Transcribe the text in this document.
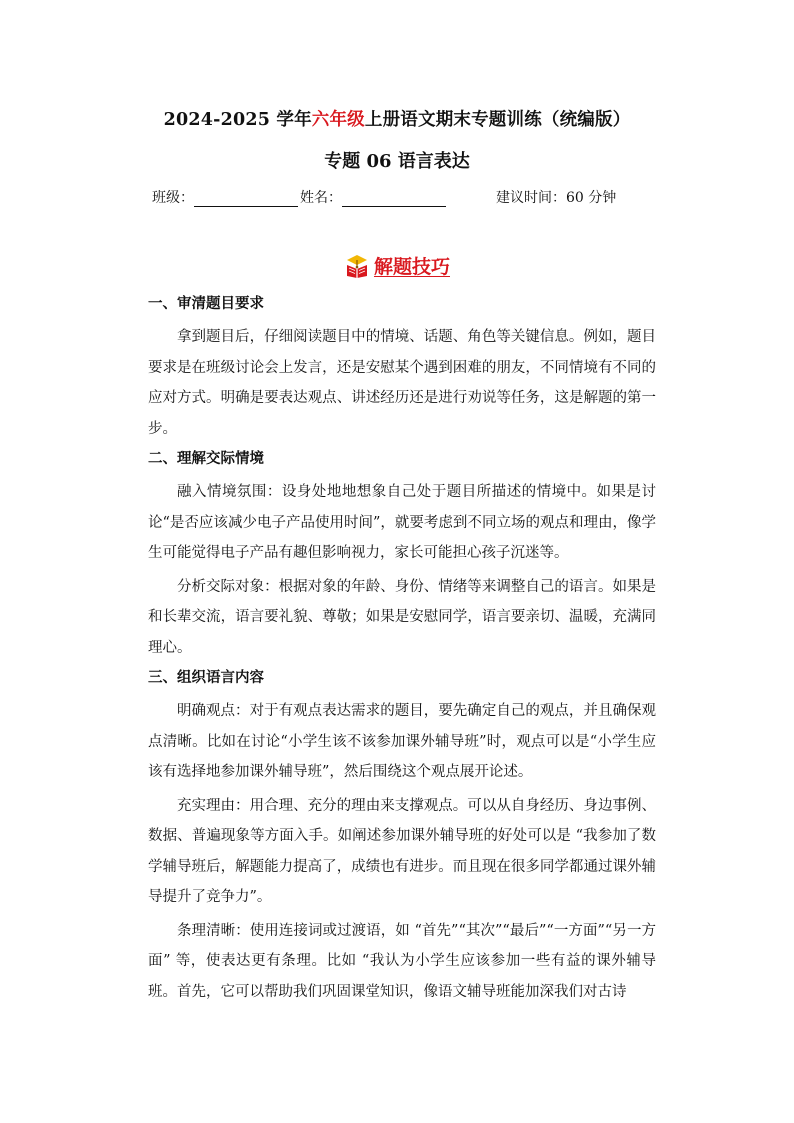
2024-2025 学年六年级上册语文期末专题训练（统编版）
专题 06 语言表达
班级：	姓名：	建议时间：60 分钟
解题技巧
一、审清题目要求
拿到题目后，仔细阅读题目中的情境、话题、角色等关键信息。例如，题目要求是在班级讨论会上发言，还是安慰某个遇到困难的朋友，不同情境有不同的应对方式。明确是要表达观点、讲述经历还是进行劝说等任务，这是解题的第一步。
二、理解交际情境
融入情境氛围：设身处地地想象自己处于题目所描述的情境中。如果是讨论“是否应该减少电子产品使用时间”，就要考虑到不同立场的观点和理由，像学生可能觉得电子产品有趣但影响视力，家长可能担心孩子沉迷等。
分析交际对象：根据对象的年龄、身份、情绪等来调整自己的语言。如果是和长辈交流，语言要礼貌、尊敬；如果是安慰同学，语言要亲切、温暖，充满同理心。
三、组织语言内容
明确观点：对于有观点表达需求的题目，要先确定自己的观点，并且确保观点清晰。比如在讨论“小学生该不该参加课外辅导班”时，观点可以是“小学生应该有选择地参加课外辅导班”，然后围绕这个观点展开论述。
充实理由：用合理、充分的理由来支撑观点。可以从自身经历、身边事例、数据、普遍现象等方面入手。如阐述参加课外辅导班的好处可以是 “我参加了数学辅导班后，解题能力提高了，成绩也有进步。而且现在很多同学都通过课外辅导提升了竞争力”。
条理清晰：使用连接词或过渡语，如 “首先”“其次”“最后”“一方面”“另一方面” 等，使表达更有条理。比如 “我认为小学生应该参加一些有益的课外辅导班。首先，它可以帮助我们巩固课堂知识，像语文辅导班能加深我们对古诗
